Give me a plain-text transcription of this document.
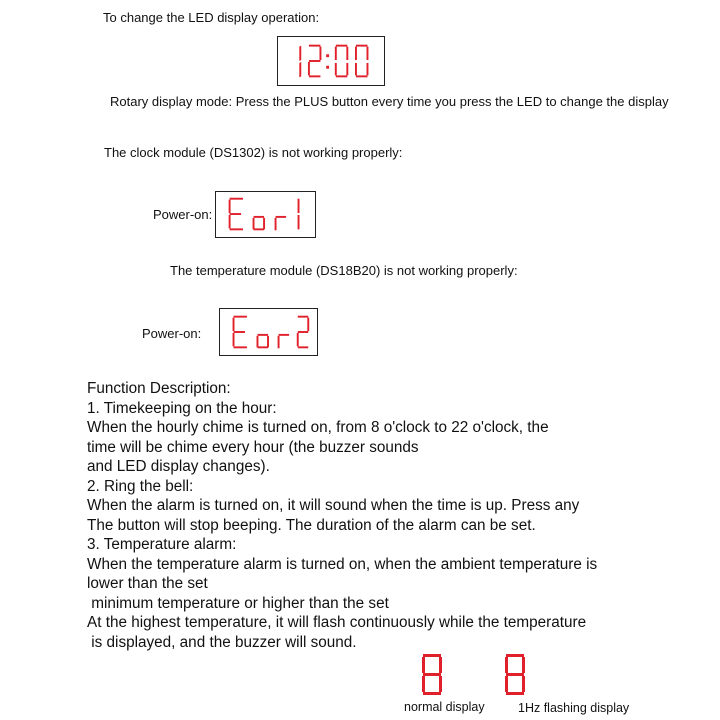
To change the LED display operation:
Rotary display mode: Press the PLUS button every time you press the LED to change the display
The clock module (DS1302) is not working properly:
Power-on:
The temperature module (DS18B20) is not working properly:
Power-on:
Function Description:
1. Timekeeping on the hour:
When the hourly chime is turned on, from 8 o'clock to 22 o'clock, the
time will be chime every hour (the buzzer sounds
and LED display changes).
2. Ring the bell:
When the alarm is turned on, it will sound when the time is up. Press any
The button will stop beeping. The duration of the alarm can be set.
3. Temperature alarm:
When the temperature alarm is turned on, when the ambient temperature is
lower than the set
minimum temperature or higher than the set
At the highest temperature, it will flash continuously while the temperature
is displayed, and the buzzer will sound.
normal display	1Hz flashing display
